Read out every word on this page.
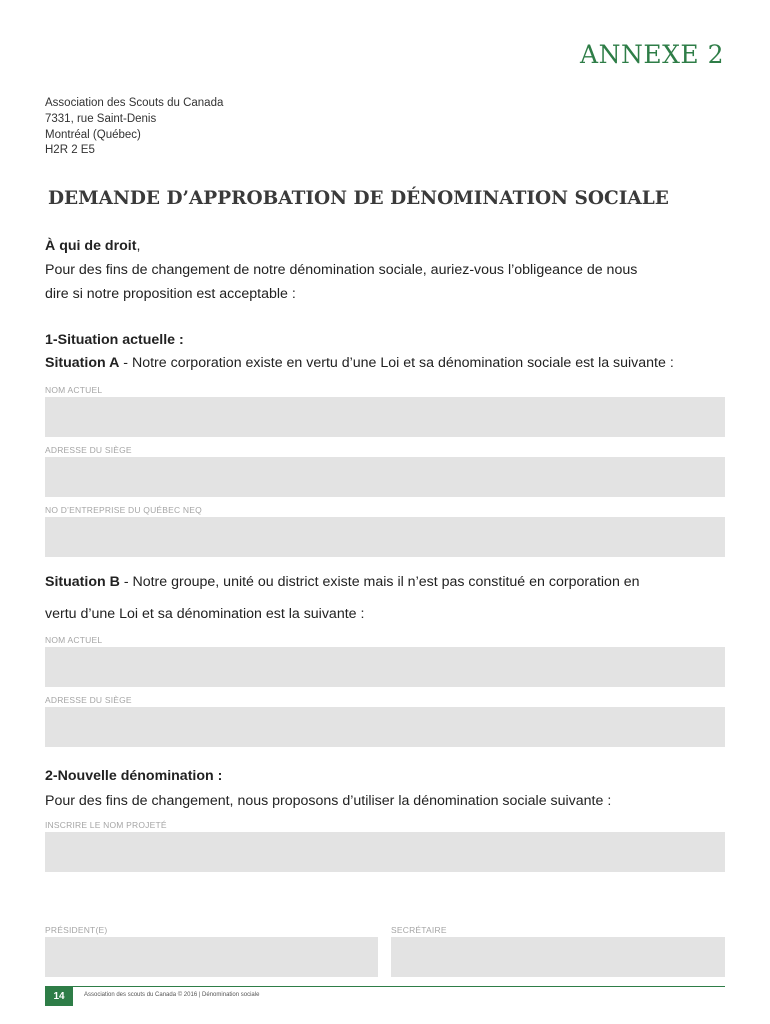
ANNEXE 2
Association des Scouts du Canada
7331, rue Saint-Denis
Montréal (Québec)
H2R 2 E5
DEMANDE D’APPROBATION DE DÉNOMINATION SOCIALE
À qui de droit,
Pour des fins de changement de notre dénomination sociale, auriez-vous l’obligeance de nous
dire si notre proposition est acceptable :
1-Situation actuelle :
Situation A - Notre corporation existe en vertu d’une Loi et sa dénomination sociale est la suivante :
NOM ACTUEL
ADRESSE DU SIÈGE
NO D’ENTREPRISE DU QUÉBEC NEQ
Situation B - Notre groupe, unité ou district existe mais il n’est pas constitué en corporation en
vertu d’une Loi et sa dénomination est la suivante :
NOM ACTUEL
ADRESSE DU SIÈGE
2-Nouvelle dénomination :
Pour des fins de changement, nous proposons d’utiliser la dénomination sociale suivante :
INSCRIRE LE NOM PROJETÉ
PRÉSIDENT(E)	SECRÉTAIRE
14	Association des scouts du Canada © 2016 | Dénomination sociale
